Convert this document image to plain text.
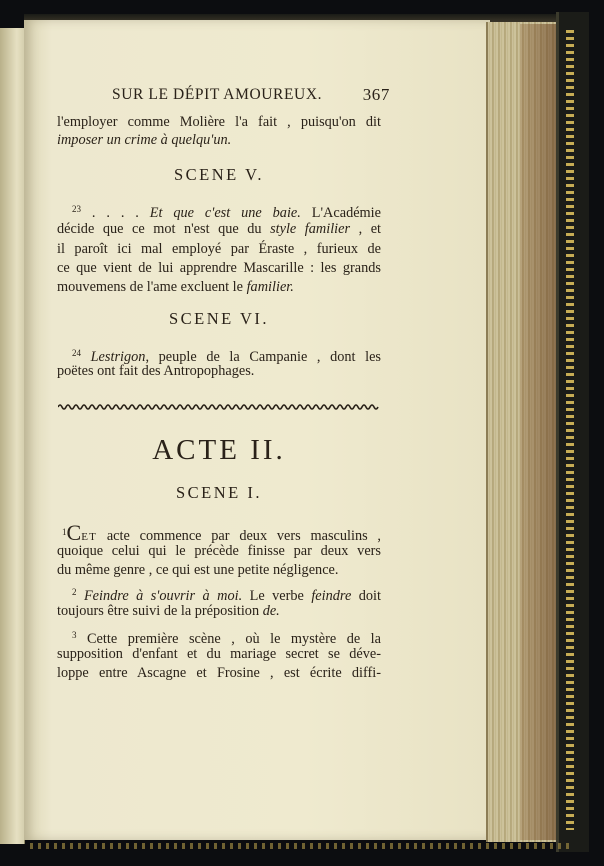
SUR LE DÉPIT AMOUREUX. 367
l'employer comme Molière l'a fait , puisqu'on dit
imposer un crime à quelqu'un.
SCENE V.
$^{23}$ . . . . Et que c'est une baie. L'Académie
décide que ce mot n'est que du style familier , et
il paroît ici mal employé par Éraste , furieux de
ce que vient de lui apprendre Mascarille : les grands
mouvemens de l'ame excluent le familier.
SCENE VI.
$^{24}$ Lestrigon, peuple de la Campanie , dont les
poëtes ont fait des Antropophages.
ACTE II.
SCENE I.
$^1$CET acte commence par deux vers masculins ,
quoique celui qui le précède finisse par deux vers
du même genre , ce qui est une petite négligence.
$^2$ Feindre à s'ouvrir à moi. Le verbe feindre doit
toujours être suivi de la préposition de.
$^3$ Cette première scène , où le mystère de la
supposition d'enfant et du mariage secret se déve-
loppe entre Ascagne et Frosine , est écrite diffi-
